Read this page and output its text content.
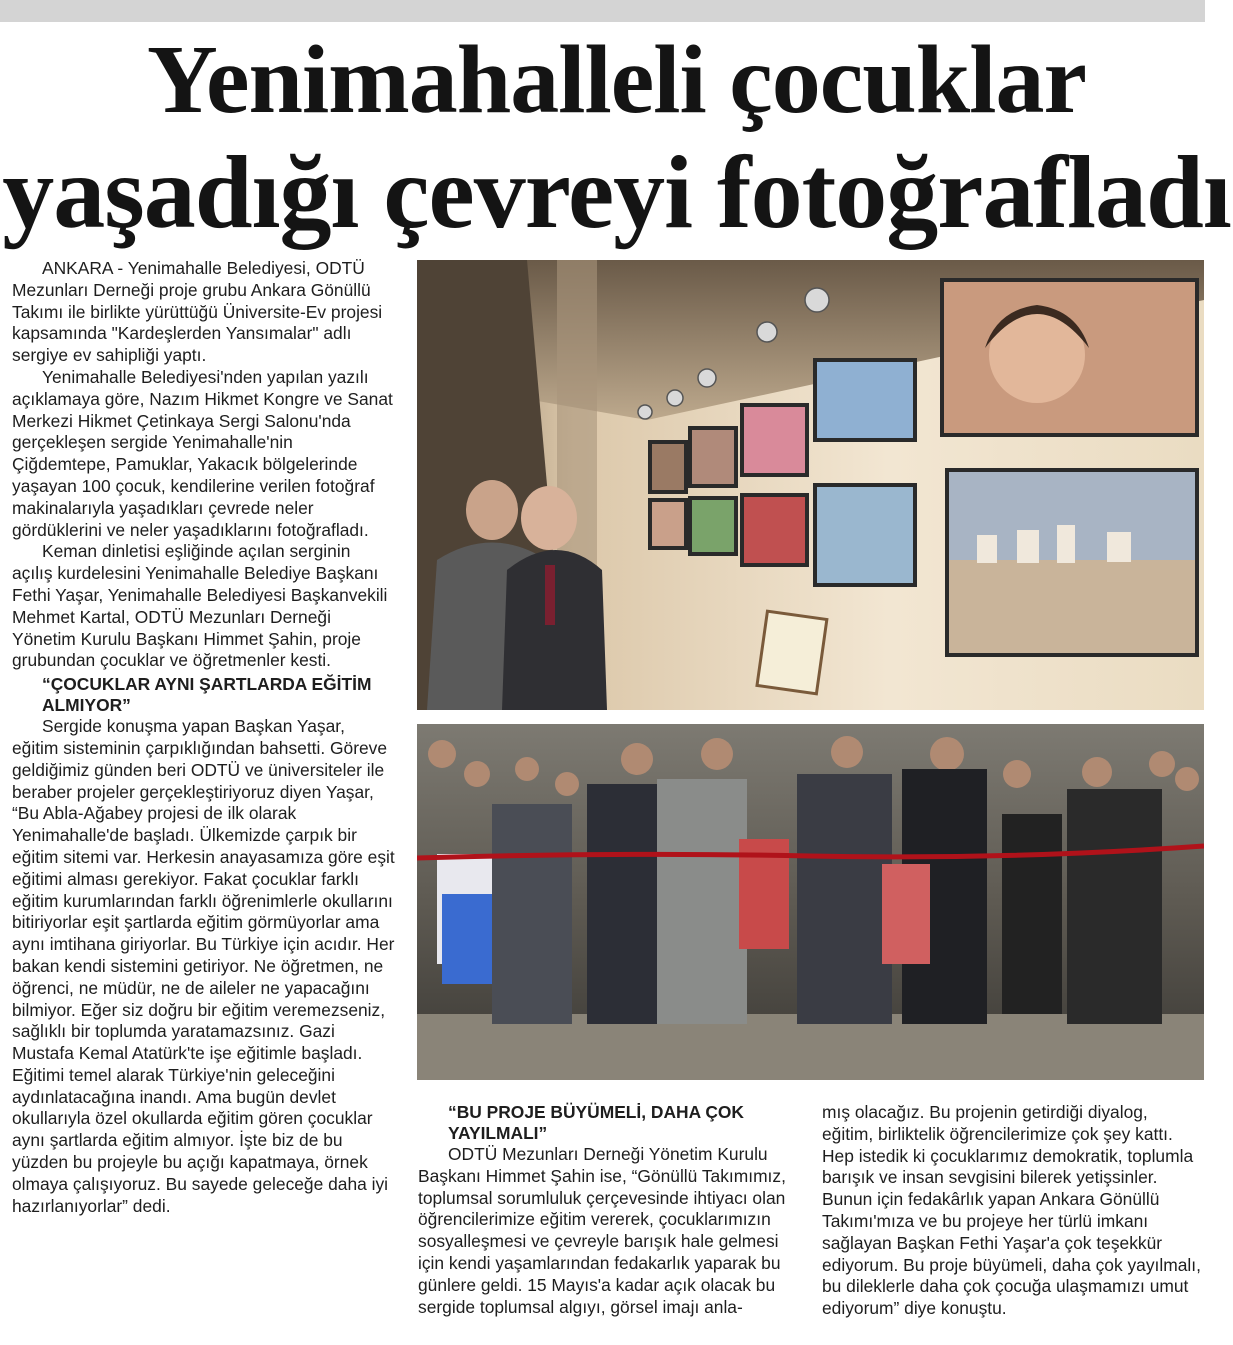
Yenimahalleli çocuklar
yaşadığı çevreyi fotoğrafladı

ANKARA - Yenimahalle Belediyesi, ODTÜ Mezunları Derneği proje grubu Ankara Gönüllü Takımı ile birlikte yürüttüğü Üniversite-Ev projesi kapsamında "Kardeşlerden Yansımalar" adlı sergiye ev sahipliği yaptı.

Yenimahalle Belediyesi'nden yapılan yazılı açıklamaya göre, Nazım Hikmet Kongre ve Sanat Merkezi Hikmet Çetinkaya Sergi Salonu'nda gerçekleşen sergide Yenimahalle'nin Çiğdemtepe, Pamuklar, Yakacık bölgelerinde yaşayan 100 çocuk, kendilerine verilen fotoğraf makinalarıyla yaşadıkları çevrede neler gördüklerini ve neler yaşadıklarını fotoğrafladı.

Keman dinletisi eşliğinde açılan serginin açılış kurdelesini Yenimahalle Belediye Başkanı Fethi Yaşar, Yenimahalle Belediyesi Başkanvekili Mehmet Kartal, ODTÜ Mezunları Derneği Yönetim Kurulu Başkanı Himmet Şahin, proje grubundan çocuklar ve öğretmenler kesti.

“ÇOCUKLAR AYNI ŞARTLARDA EĞİTİM ALMIYOR”

Sergide konuşma yapan Başkan Yaşar, eğitim sisteminin çarpıklığından bahsetti. Göreve geldiğimiz günden beri ODTÜ ve üniversiteler ile beraber projeler gerçekleştiriyoruz diyen Yaşar, “Bu Abla-Ağabey projesi de ilk olarak Yenimahalle'de başladı. Ülkemizde çarpık bir eğitim sitemi var. Herkesin anayasamıza göre eşit eğitimi alması gerekiyor. Fakat çocuklar farklı eğitim kurumlarından farklı öğrenimlerle okullarını bitiriyorlar eşit şartlarda eğitim görmüyorlar ama aynı imtihana giriyorlar. Bu Türkiye için acıdır. Her bakan kendi sistemini getiriyor. Ne öğretmen, ne öğrenci, ne müdür, ne de aileler ne yapacağını bilmiyor. Eğer siz doğru bir eğitim veremezseniz, sağlıklı bir toplumda yaratamazsınız. Gazi Mustafa Kemal Atatürk'te işe eğitimle başladı. Eğitimi temel alarak Türkiye'nin geleceğini aydınlatacağına inandı. Ama bugün devlet okullarıyla özel okullarda eğitim gören çocuklar aynı şartlarda eğitim almıyor. İşte biz de bu yüzden bu projeyle bu açığı kapatmaya, örnek olmaya çalışıyoruz. Bu sayede geleceğe daha iyi hazırlanıyorlar” dedi.

“BU PROJE BÜYÜMELİ, DAHA ÇOK YAYILMALI”

ODTÜ Mezunları Derneği Yönetim Kurulu Başkanı Himmet Şahin ise, “Gönüllü Takımımız, toplumsal sorumluluk çerçevesinde ihtiyacı olan öğrencilerimize eğitim vererek, çocuklarımızın sosyalleşmesi ve çevreyle barışık hale gelmesi için kendi yaşamlarından fedakarlık yaparak bu günlere geldi. 15 Mayıs'a kadar açık olacak bu sergide toplumsal algıyı, görsel imajı anla-

mış olacağız. Bu projenin getirdiği diyalog, eğitim, birliktelik öğrencilerimize çok şey kattı. Hep istedik ki çocuklarımız demokratik, toplumla barışık ve insan sevgisini bilerek yetişsinler. Bunun için fedakârlık yapan Ankara Gönüllü Takımı'mıza ve bu projeye her türlü imkanı sağlayan Başkan Fethi Yaşar'a çok teşekkür ediyorum. Bu proje büyümeli, daha çok yayılmalı, bu dileklerle daha çok çocuğa ulaşmamızı umut ediyorum” diye konuştu.
